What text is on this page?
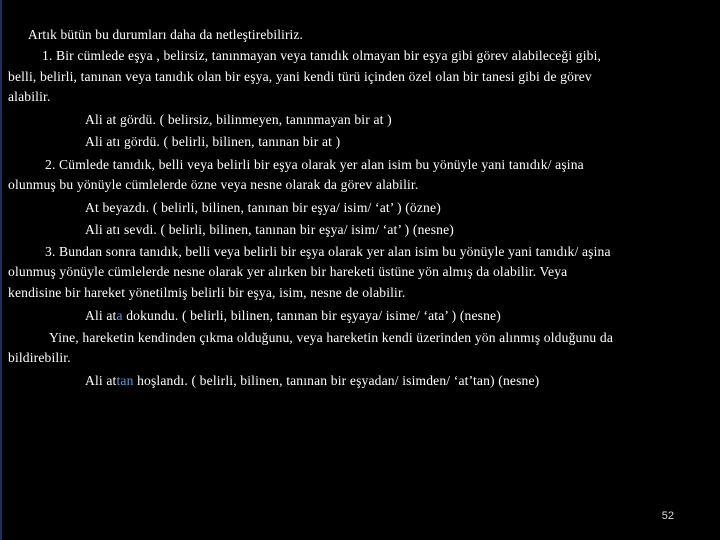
Artık bütün bu durumları daha da netleştirebiliriz.
1. Bir cümlede eşya , belirsiz, tanınmayan veya tanıdık olmayan bir eşya gibi görev alabileceği gibi,
belli, belirli, tanınan veya tanıdık olan bir eşya, yani kendi türü içinden özel olan bir tanesi gibi de görev
alabilir.
Ali at gördü. ( belirsiz, bilinmeyen, tanınmayan bir at )
Ali atı gördü. ( belirli, bilinen, tanınan bir at )
2. Cümlede tanıdık, belli veya belirli bir eşya olarak yer alan isim bu yönüyle yani tanıdık/ aşina
olunmuş bu yönüyle cümlelerde özne veya nesne olarak da görev alabilir.
At beyazdı. ( belirli, bilinen, tanınan bir eşya/ isim/ ‘at’ ) (özne)
Ali atı sevdi. ( belirli, bilinen, tanınan bir eşya/ isim/ ‘at’ ) (nesne)
3. Bundan sonra tanıdık, belli veya belirli bir eşya olarak yer alan isim bu yönüyle yani tanıdık/ aşina
olunmuş yönüyle cümlelerde nesne olarak yer alırken bir hareketi üstüne yön almış da olabilir. Veya
kendisine bir hareket yönetilmiş belirli bir eşya, isim, nesne de olabilir.
Ali ata dokundu. ( belirli, bilinen, tanınan bir eşyaya/ isime/ ‘ata’ ) (nesne)
Yine, hareketin kendinden çıkma olduğunu, veya hareketin kendi üzerinden yön alınmış olduğunu da
bildirebilir.
Ali attan hoşlandı. ( belirli, bilinen, tanınan bir eşyadan/ isimden/ ‘at’tan) (nesne)
52
